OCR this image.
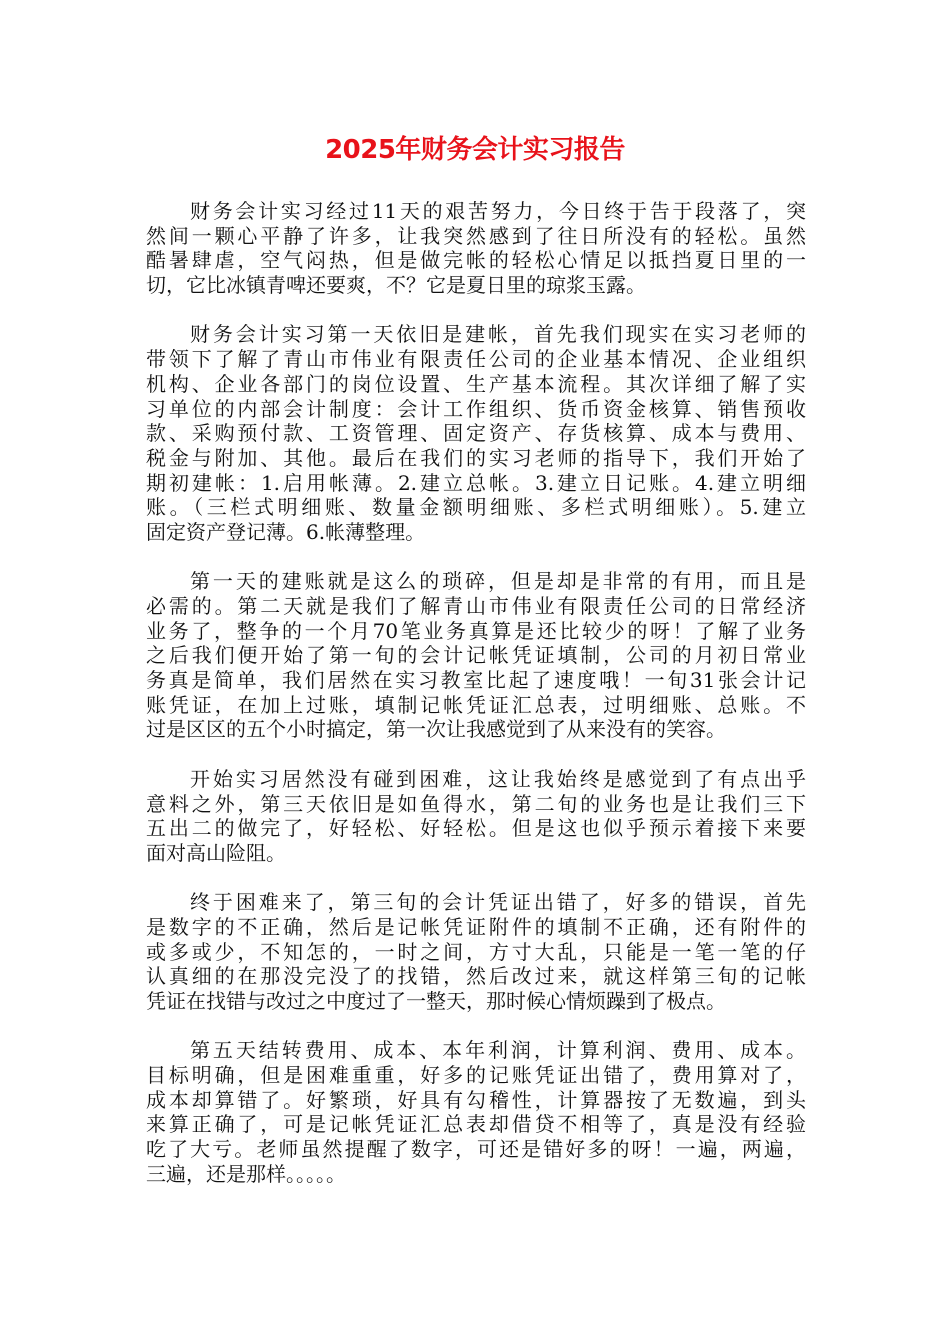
2025年财务会计实习报告
财务会计实习经过11天的艰苦努力，今日终于告于段落了，突
然间一颗心平静了许多，让我突然感到了往日所没有的轻松。虽然
酷暑肆虐，空气闷热，但是做完帐的轻松心情足以抵挡夏日里的一
切，它比冰镇青啤还要爽，不？它是夏日里的琼浆玉露。
财务会计实习第一天依旧是建帐，首先我们现实在实习老师的
带领下了解了青山市伟业有限责任公司的企业基本情况、企业组织
机构、企业各部门的岗位设置、生产基本流程。其次详细了解了实
习单位的内部会计制度：会计工作组织、货币资金核算、销售预收
款、采购预付款、工资管理、固定资产、存货核算、成本与费用、
税金与附加、其他。最后在我们的实习老师的指导下，我们开始了
期初建帐：1.启用帐薄。2.建立总帐。3.建立日记账。4.建立明细
账。（三栏式明细账、数量金额明细账、多栏式明细账）。5.建立
固定资产登记薄。6.帐薄整理。
第一天的建账就是这么的琐碎，但是却是非常的有用，而且是
必需的。第二天就是我们了解青山市伟业有限责任公司的日常经济
业务了，整争的一个月70笔业务真算是还比较少的呀！了解了业务
之后我们便开始了第一旬的会计记帐凭证填制，公司的月初日常业
务真是简单，我们居然在实习教室比起了速度哦！一旬31张会计记
账凭证，在加上过账，填制记帐凭证汇总表，过明细账、总账。不
过是区区的五个小时搞定，第一次让我感觉到了从来没有的笑容。
开始实习居然没有碰到困难，这让我始终是感觉到了有点出乎
意料之外，第三天依旧是如鱼得水，第二旬的业务也是让我们三下
五出二的做完了，好轻松、好轻松。但是这也似乎预示着接下来要
面对高山险阻。
终于困难来了，第三旬的会计凭证出错了，好多的错误，首先
是数字的不正确，然后是记帐凭证附件的填制不正确，还有附件的
或多或少，不知怎的，一时之间，方寸大乱，只能是一笔一笔的仔
认真细的在那没完没了的找错，然后改过来，就这样第三旬的记帐
凭证在找错与改过之中度过了一整天，那时候心情烦躁到了极点。
第五天结转费用、成本、本年利润，计算利润、费用、成本。
目标明确，但是困难重重，好多的记账凭证出错了，费用算对了，
成本却算错了。好繁琐，好具有勾稽性，计算器按了无数遍，到头
来算正确了，可是记帐凭证汇总表却借贷不相等了，真是没有经验
吃了大亏。老师虽然提醒了数字，可还是错好多的呀！一遍，两遍，
三遍，还是那样。。。。。
